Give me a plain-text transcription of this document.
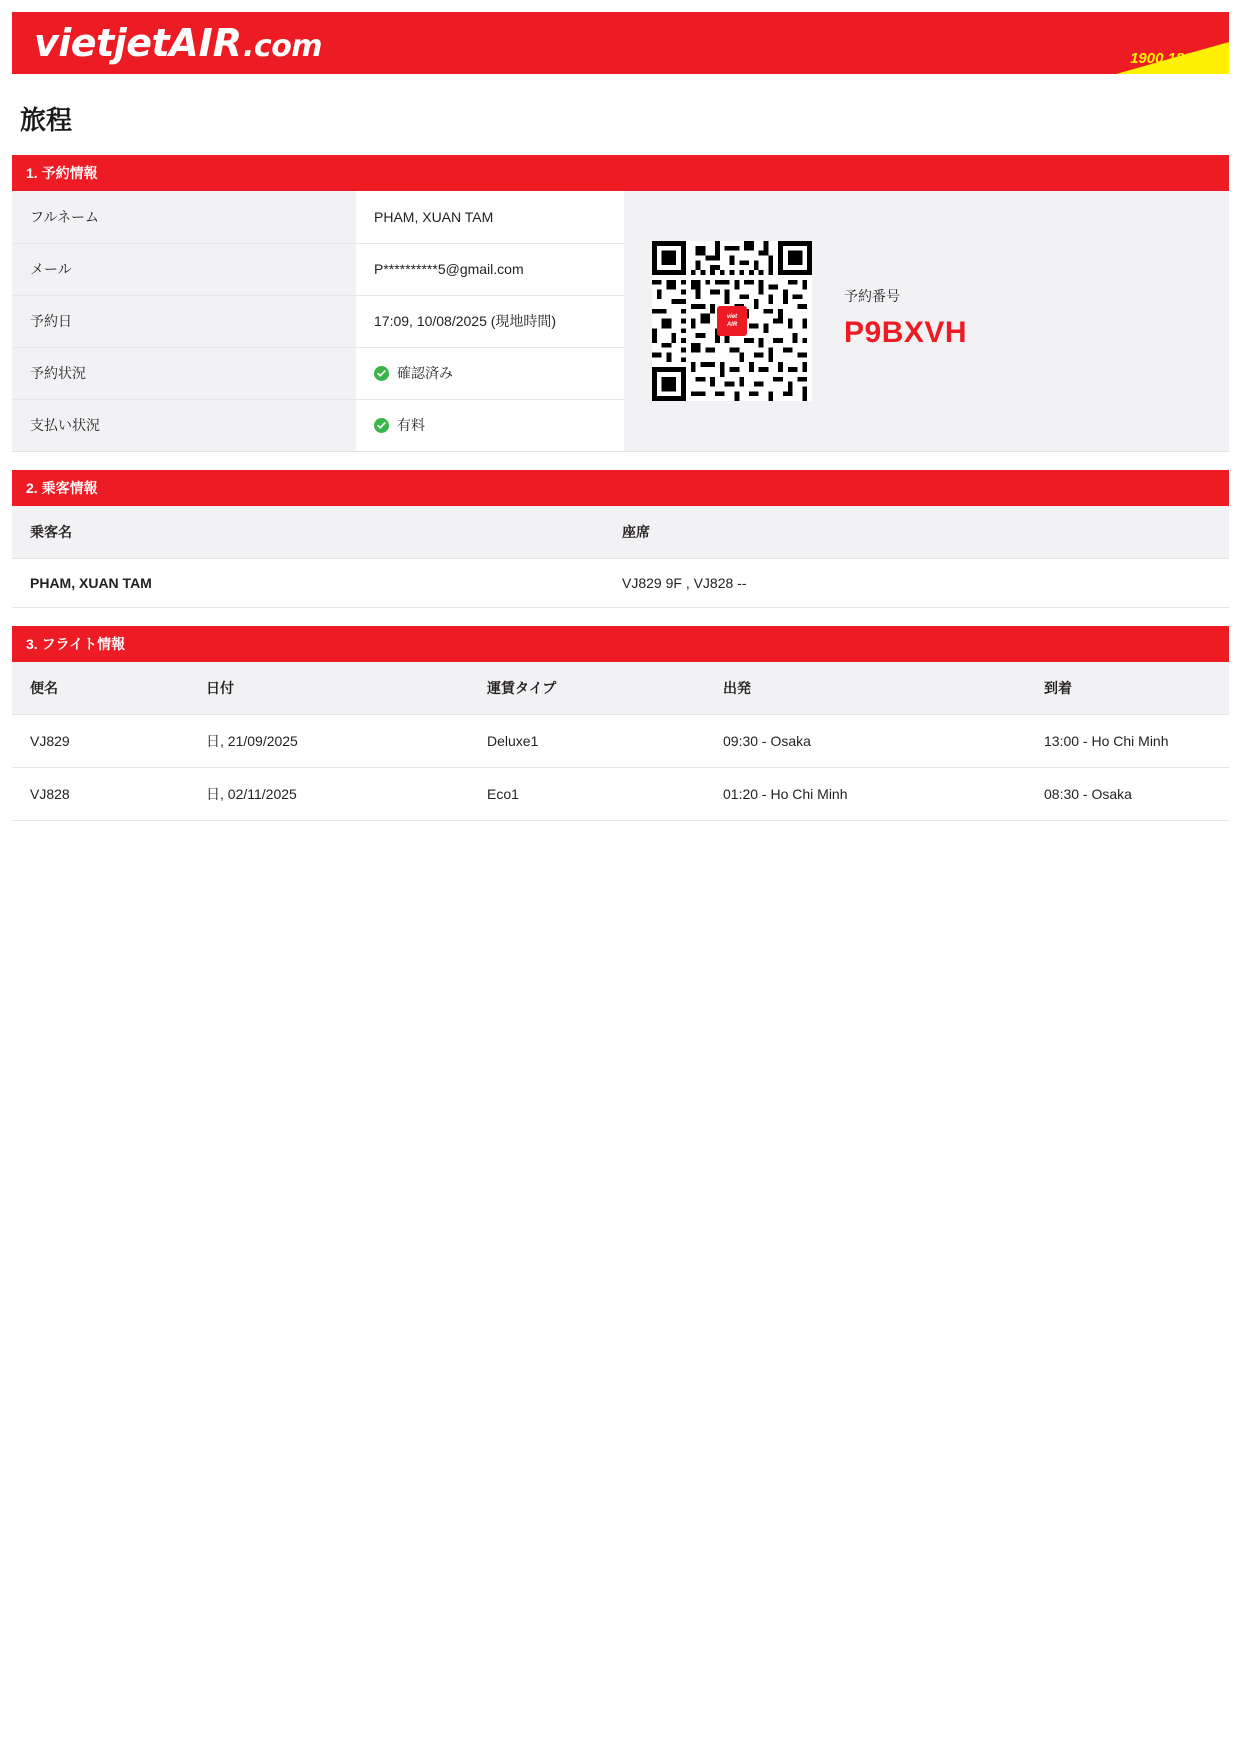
viet jet AIR .com	1900 1886
旅程
1. 予約情報
フルネーム	PHAM, XUAN TAM
メール	P**********5@gmail.com
予約日	17:09, 10/08/2025 (現地時間)
予約状況	確認済み

支払い状況	有料
viet
AIR
予約番号
P9BXVH
2. 乗客情報
乗客名	座席
PHAM, XUAN TAM	VJ829 9F , VJ828 --
3. フライト情報
便名	日付	運賃タイプ	出発	到着
VJ829	日, 21/09/2025	Deluxe1	09:30 - Osaka	13:00 - Ho Chi Minh
VJ828	日, 02/11/2025	Eco1	01:20 - Ho Chi Minh	08:30 - Osaka
